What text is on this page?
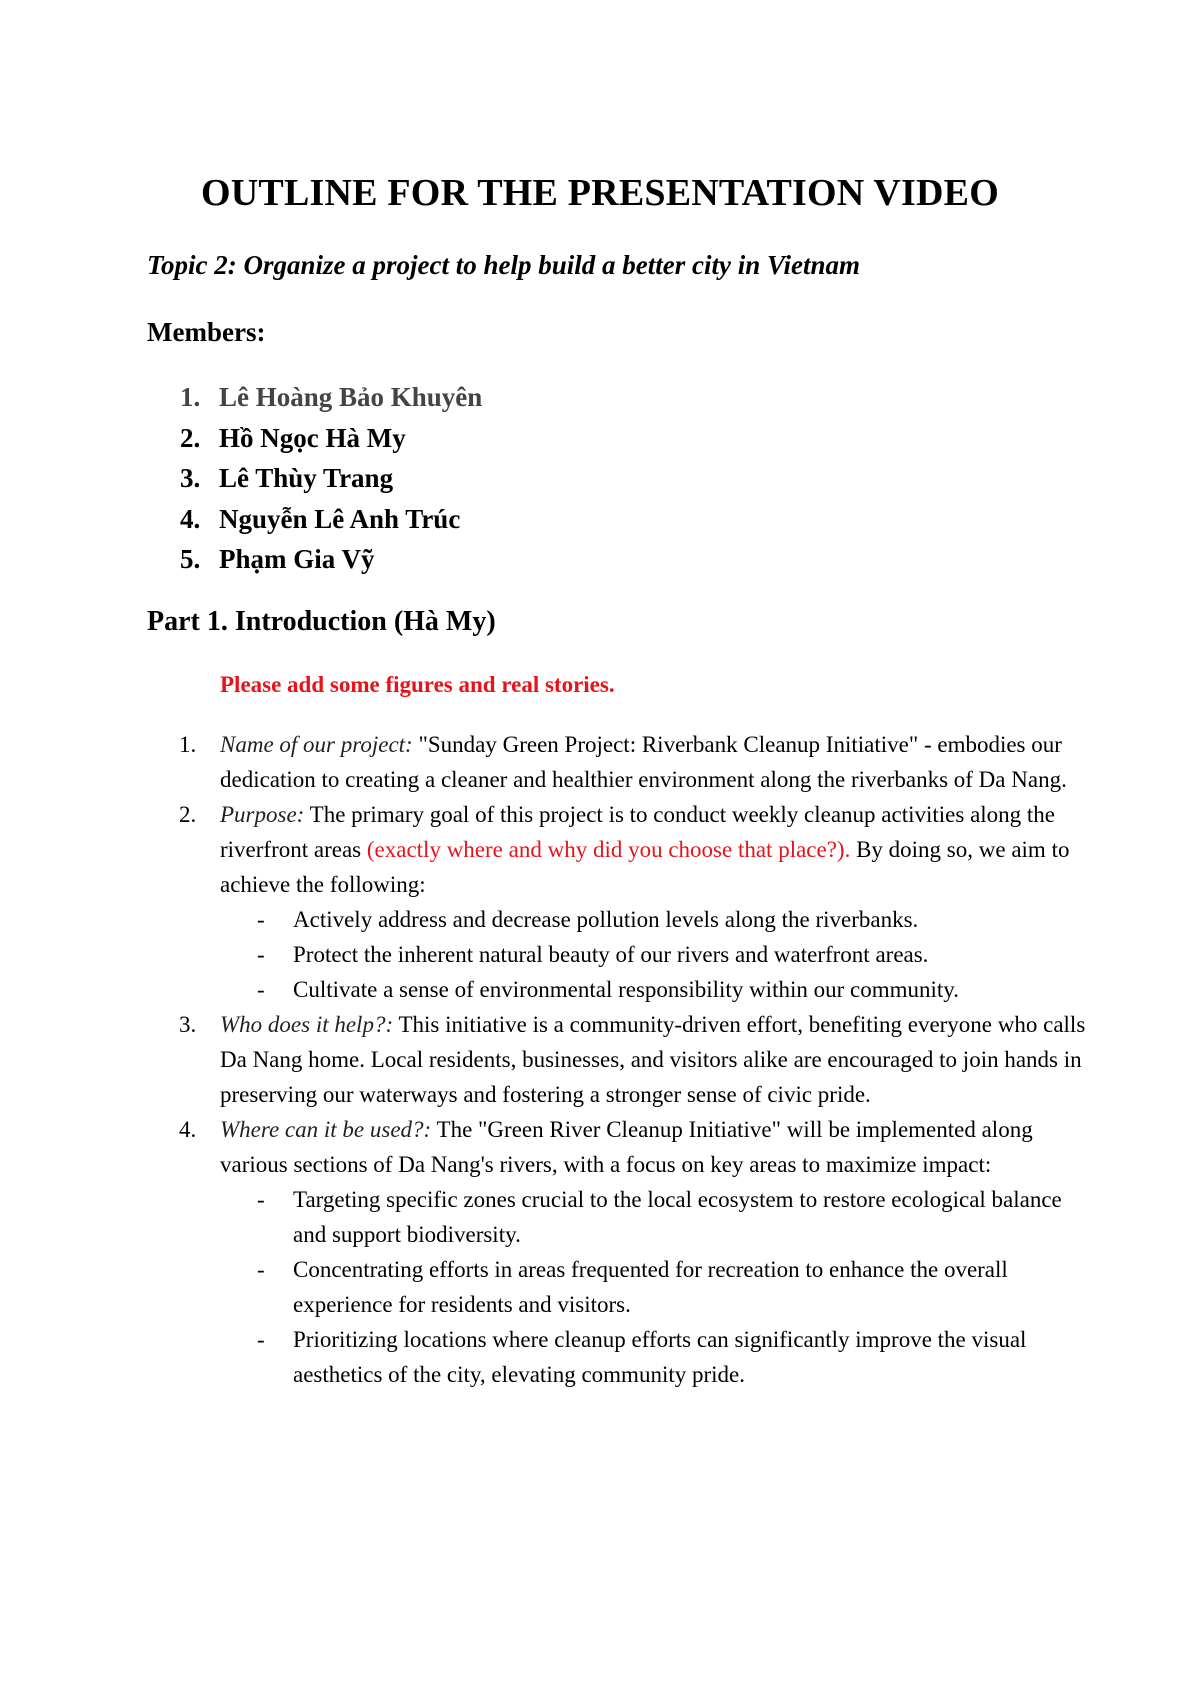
OUTLINE FOR THE PRESENTATION VIDEO
Topic 2: Organize a project to help build a better city in Vietnam
Members:
1. Lê Hoàng Bảo Khuyên
2. Hồ Ngọc Hà My
3. Lê Thùy Trang
4. Nguyễn Lê Anh Trúc
5. Phạm Gia Vỹ
Part 1. Introduction (Hà My)
Please add some figures and real stories.
1. Name of our project: "Sunday Green Project: Riverbank Cleanup Initiative" - embodies our dedication to creating a cleaner and healthier environment along the riverbanks of Da Nang.
2. Purpose: The primary goal of this project is to conduct weekly cleanup activities along the riverfront areas (exactly where and why did you choose that place?). By doing so, we aim to achieve the following:
- Actively address and decrease pollution levels along the riverbanks.
- Protect the inherent natural beauty of our rivers and waterfront areas.
- Cultivate a sense of environmental responsibility within our community.
3. Who does it help?: This initiative is a community-driven effort, benefiting everyone who calls Da Nang home. Local residents, businesses, and visitors alike are encouraged to join hands in preserving our waterways and fostering a stronger sense of civic pride.
4. Where can it be used?: The "Green River Cleanup Initiative" will be implemented along various sections of Da Nang's rivers, with a focus on key areas to maximize impact:
- Targeting specific zones crucial to the local ecosystem to restore ecological balance and support biodiversity.
- Concentrating efforts in areas frequented for recreation to enhance the overall experience for residents and visitors.
- Prioritizing locations where cleanup efforts can significantly improve the visual aesthetics of the city, elevating community pride.
